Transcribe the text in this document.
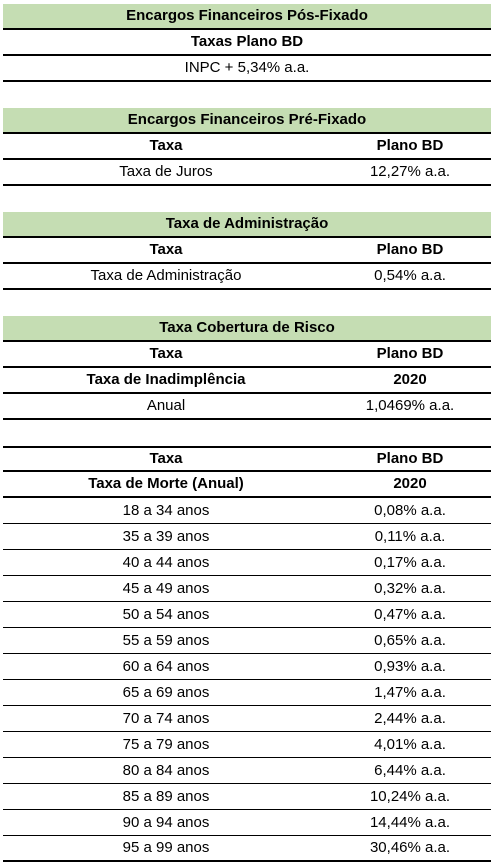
Encargos Financeiros Pós-Fixado
Taxas Plano BD
INPC + 5,34% a.a.
Encargos Financeiros Pré-Fixado
Taxa	Plano BD
Taxa de Juros	12,27% a.a.
Taxa de Administração
Taxa	Plano BD
Taxa de Administração	0,54% a.a.
Taxa Cobertura de Risco
Taxa	Plano BD
Taxa de Inadimplência	2020
Anual	1,0469% a.a.
Taxa	Plano BD
Taxa de Morte (Anual)	2020
18 a 34 anos	0,08% a.a.
35 a 39 anos	0,11% a.a.
40 a 44 anos	0,17% a.a.
45 a 49 anos	0,32% a.a.
50 a 54 anos	0,47% a.a.
55 a 59 anos	0,65% a.a.
60 a 64 anos	0,93% a.a.
65 a 69 anos	1,47% a.a.
70 a 74 anos	2,44% a.a.
75 a 79 anos	4,01% a.a.
80 a 84 anos	6,44% a.a.
85 a 89 anos	10,24% a.a.
90 a 94 anos	14,44% a.a.
95 a 99 anos	30,46% a.a.
